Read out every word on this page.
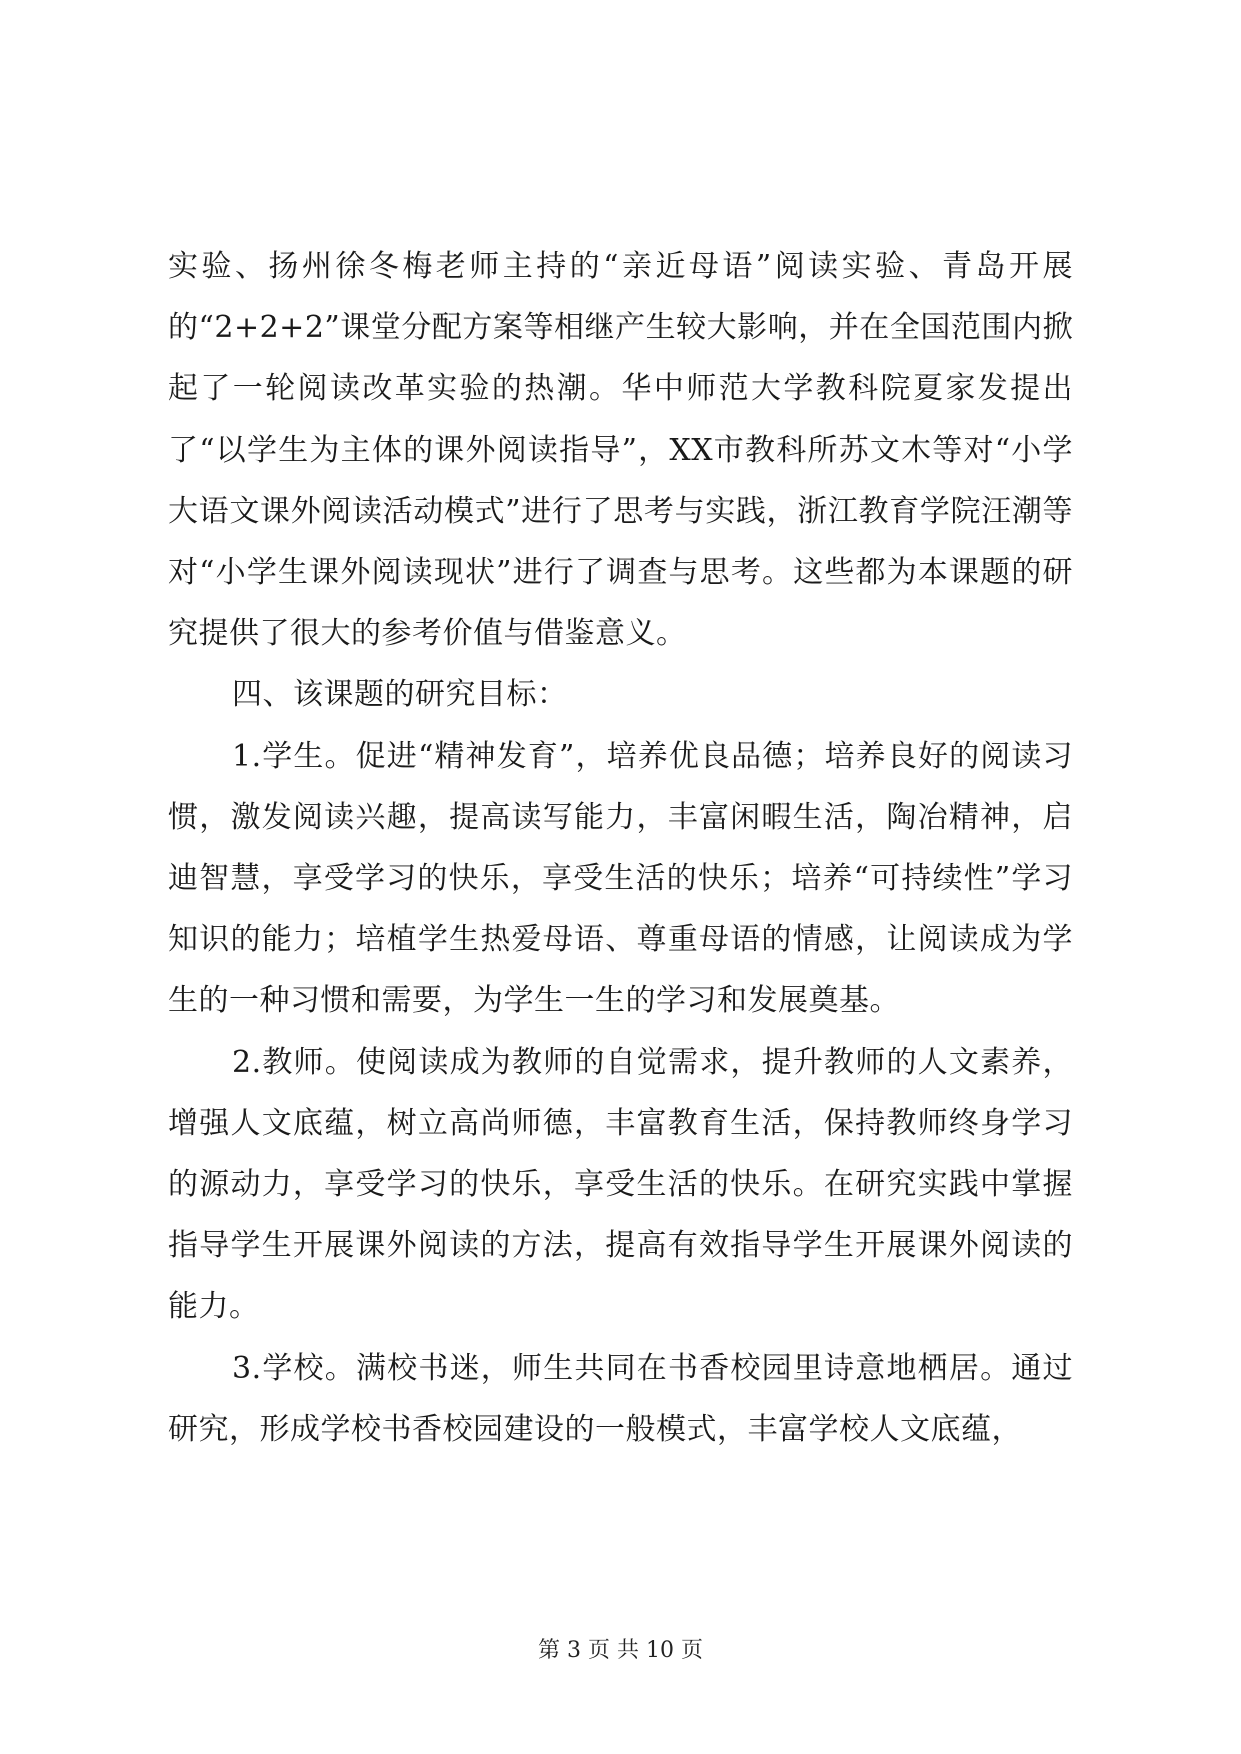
实验、扬州徐冬梅老师主持的“亲近母语”阅读实验、青岛开展的“2+2+2”课堂分配方案等相继产生较大影响，并在全国范围内掀起了一轮阅读改革实验的热潮。华中师范大学教科院夏家发提出了“以学生为主体的课外阅读指导”，XX市教科所苏文木等对“小学大语文课外阅读活动模式”进行了思考与实践，浙江教育学院汪潮等对“小学生课外阅读现状”进行了调查与思考。这些都为本课题的研究提供了很大的参考价值与借鉴意义。

四、该课题的研究目标：

1.学生。促进“精神发育”，培养优良品德；培养良好的阅读习惯，激发阅读兴趣，提高读写能力，丰富闲暇生活，陶冶精神，启迪智慧，享受学习的快乐，享受生活的快乐；培养“可持续性”学习知识的能力；培植学生热爱母语、尊重母语的情感，让阅读成为学生的一种习惯和需要，为学生一生的学习和发展奠基。

2.教师。使阅读成为教师的自觉需求，提升教师的人文素养，增强人文底蕴，树立高尚师德，丰富教育生活，保持教师终身学习的源动力，享受学习的快乐，享受生活的快乐。在研究实践中掌握指导学生开展课外阅读的方法，提高有效指导学生开展课外阅读的能力。

3.学校。满校书迷，师生共同在书香校园里诗意地栖居。通过研究，形成学校书香校园建设的一般模式，丰富学校人文底蕴，

第 3 页 共 10 页
